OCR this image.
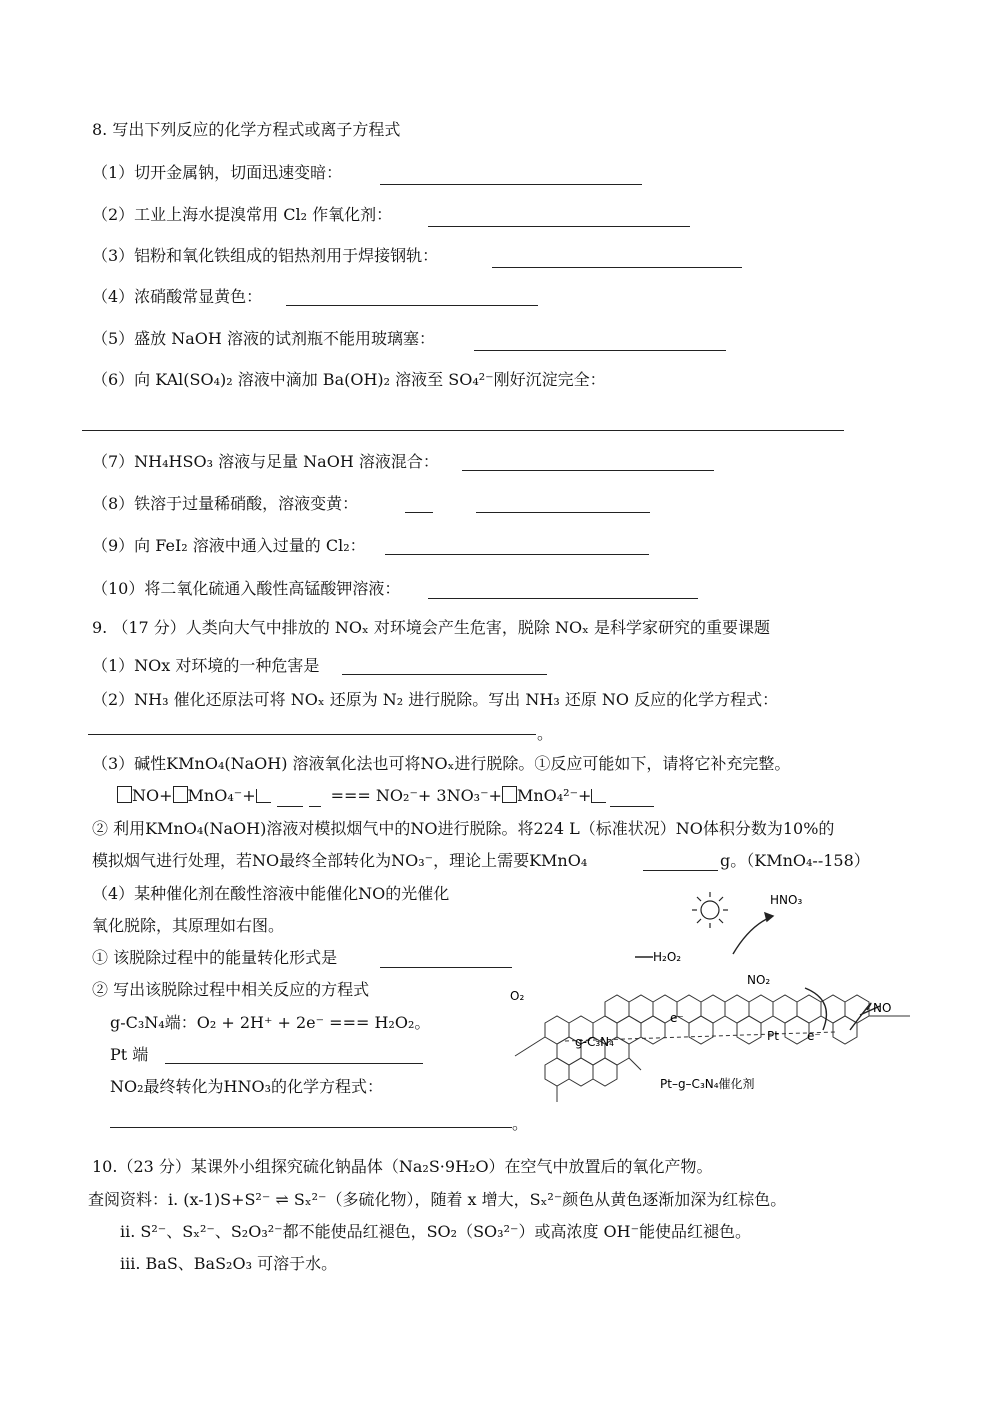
8. 写出下列反应的化学方程式或离子方程式
（1）切开金属钠，切面迅速变暗：
（2）工业上海水提溴常用 Cl₂ 作氧化剂：
（3）铝粉和氧化铁组成的铝热剂用于焊接钢轨：
（4）浓硝酸常显黄色：
（5）盛放 NaOH 溶液的试剂瓶不能用玻璃塞：
（6）向 KAl(SO₄)₂ 溶液中滴加 Ba(OH)₂ 溶液至 SO₄²⁻刚好沉淀完全：
（7）NH₄HSO₃ 溶液与足量 NaOH 溶液混合：
（8）铁溶于过量稀硝酸，溶液变黄：
（9）向 FeI₂ 溶液中通入过量的 Cl₂：
（10）将二氧化硫通入酸性高锰酸钾溶液：
9. （17 分）人类向大气中排放的 NOₓ 对环境会产生危害，脱除 NOₓ 是科学家研究的重要课题
（1）NOx 对环境的一种危害是
（2）NH₃ 催化还原法可将 NOₓ 还原为 N₂ 进行脱除。写出 NH₃ 还原 NO 反应的化学方程式：
。
（3）碱性KMnO₄(NaOH) 溶液氧化法也可将NOₓ进行脱除。①反应可能如下，请将它补充完整。
NO+ MnO₄⁻+	=== NO₂⁻+ 3NO₃⁻+ MnO₄²⁻+
② 利用KMnO₄(NaOH)溶液对模拟烟气中的NO进行脱除。将224 L（标准状况）NO体积分数为10%的
模拟烟气进行处理，若NO最终全部转化为NO₃⁻，理论上需要KMnO₄	g。（KMnO₄--158）
（4）某种催化剂在酸性溶液中能催化NO的光催化
氧化脱除，其原理如右图。
① 该脱除过程中的能量转化形式是
② 写出该脱除过程中相关反应的方程式
g-C₃N₄端：O₂ + 2H⁺ + 2e⁻ === H₂O₂。
Pt 端
NO₂最终转化为HNO₃的化学方程式：
。
HNO₃
H₂O₂
NO₂
O₂
NO
g-C₃N₄	Pt
e⁻
e⁻
Pt–g–C₃N₄催化剂
10.（23 分）某课外小组探究硫化钠晶体（Na₂S·9H₂O）在空气中放置后的氧化产物。
查阅资料：i. (x-1)S+S²⁻ ⇌ Sₓ²⁻（多硫化物），随着 x 增大，Sₓ²⁻颜色从黄色逐渐加深为红棕色。
ii. S²⁻、Sₓ²⁻、S₂O₃²⁻都不能使品红褪色，SO₂（SO₃²⁻）或高浓度 OH⁻能使品红褪色。
iii. BaS、BaS₂O₃ 可溶于水。
